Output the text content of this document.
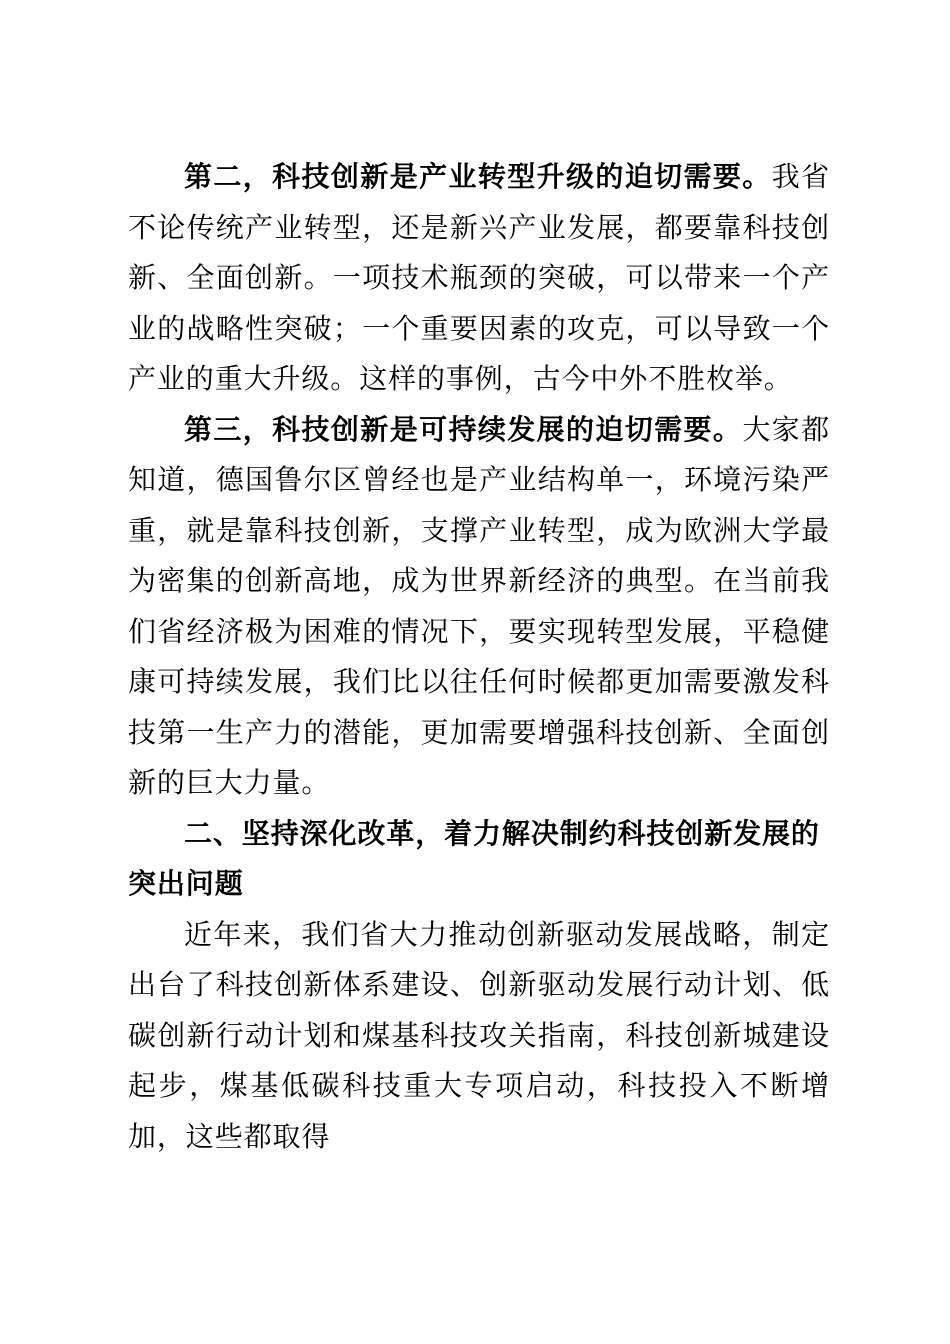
第二，科技创新是产业转型升级的迫切需要。我省不论传统产业转型，还是新兴产业发展，都要靠科技创新、全面创新。一项技术瓶颈的突破，可以带来一个产业的战略性突破；一个重要因素的攻克，可以导致一个产业的重大升级。这样的事例，古今中外不胜枚举。

第三，科技创新是可持续发展的迫切需要。大家都知道，德国鲁尔区曾经也是产业结构单一，环境污染严重，就是靠科技创新，支撑产业转型，成为欧洲大学最为密集的创新高地，成为世界新经济的典型。在当前我们省经济极为困难的情况下，要实现转型发展，平稳健康可持续发展，我们比以往任何时候都更加需要激发科技第一生产力的潜能，更加需要增强科技创新、全面创新的巨大力量。

二、坚持深化改革，着力解决制约科技创新发展的突出问题

近年来，我们省大力推动创新驱动发展战略，制定出台了科技创新体系建设、创新驱动发展行动计划、低碳创新行动计划和煤基科技攻关指南，科技创新城建设起步，煤基低碳科技重大专项启动，科技投入不断增加，这些都取得
